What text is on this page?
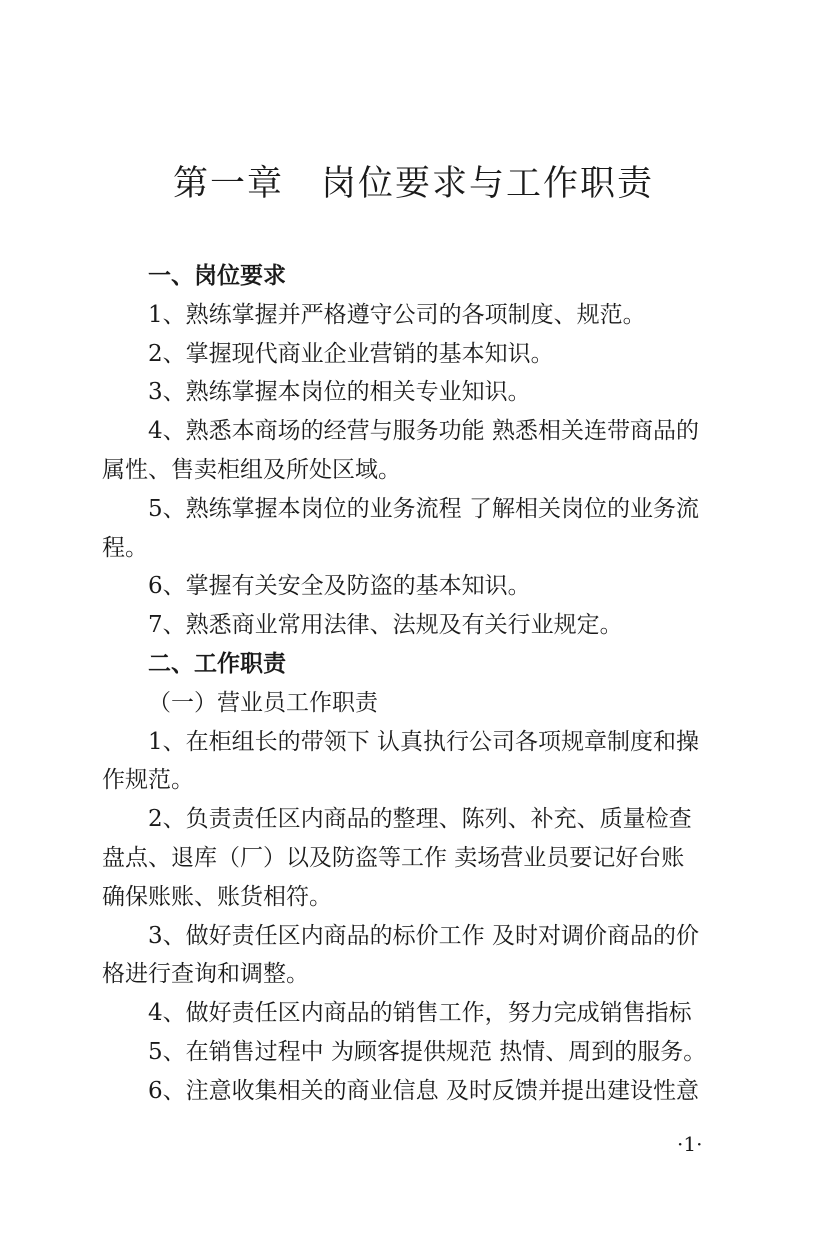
第一章　岗位要求与工作职责

一、岗位要求

1、熟练掌握并严格遵守公司的各项制度、规范。

2、掌握现代商业企业营销的基本知识。

3、熟练掌握本岗位的相关专业知识。

4、熟悉本商场的经营与服务功能 熟悉相关连带商品的

属性、售卖柜组及所处区域。

5、熟练掌握本岗位的业务流程 了解相关岗位的业务流

程。

6、掌握有关安全及防盗的基本知识。

7、熟悉商业常用法律、法规及有关行业规定。

二、工作职责

（一）营业员工作职责

1、在柜组长的带领下 认真执行公司各项规章制度和操

作规范。

2、负责责任区内商品的整理、陈列、补充、质量检查

盘点、退库（厂）以及防盗等工作 卖场营业员要记好台账

确保账账、账货相符。

3、做好责任区内商品的标价工作 及时对调价商品的价

格进行查询和调整。

4、做好责任区内商品的销售工作，努力完成销售指标

5、在销售过程中 为顾客提供规范 热情、周到的服务。

6、注意收集相关的商业信息 及时反馈并提出建设性意

·1·
